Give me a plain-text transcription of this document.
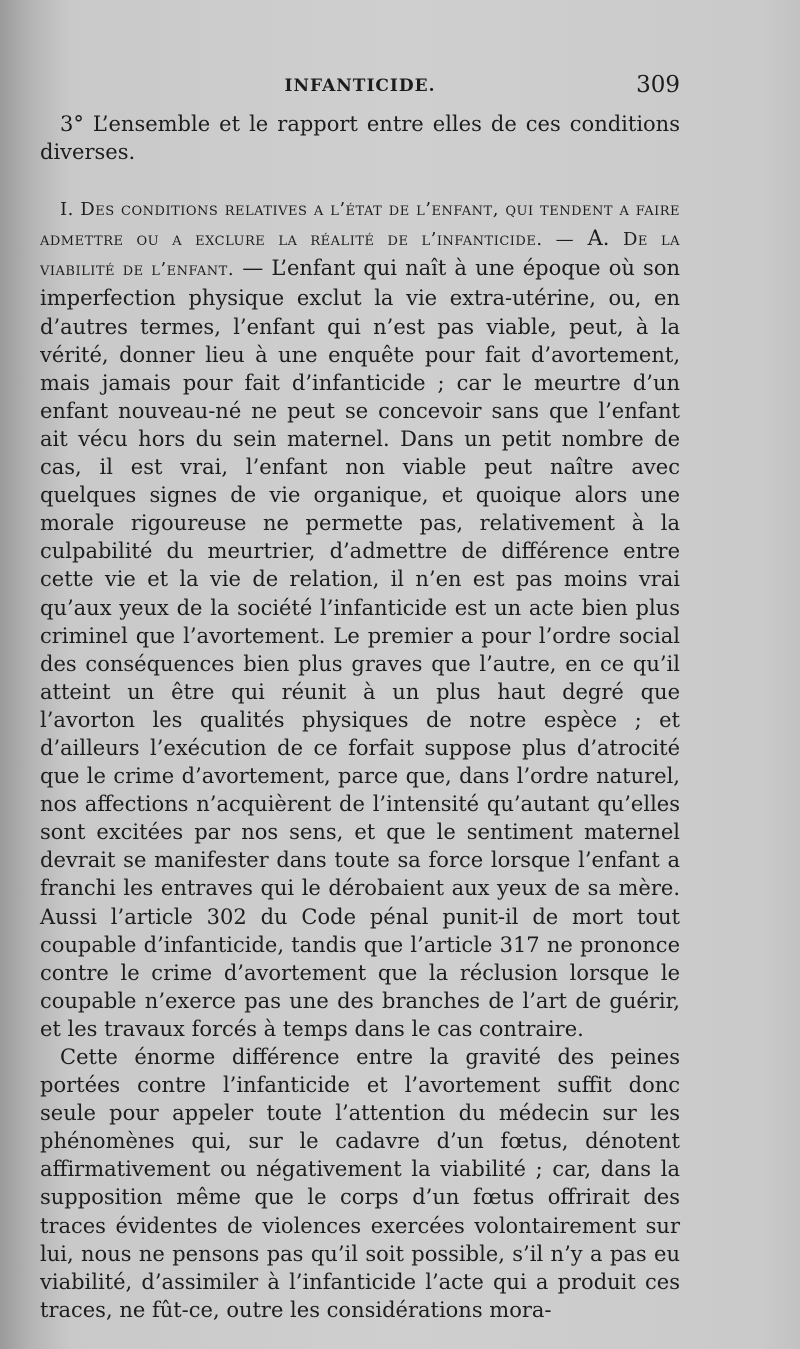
INFANTICIDE.	309

3° L’ensemble et le rapport entre elles de ces conditions diverses.

I. Des conditions relatives a l’état de l’enfant, qui tendent a faire admettre ou a exclure la réalité de l’infanticide. — A. De la viabilité de l’enfant. — L’enfant qui naît à une époque où son imperfection physique exclut la vie extra-utérine, ou, en d’autres termes, l’enfant qui n’est pas viable, peut, à la vérité, donner lieu à une enquête pour fait d’avortement, mais jamais pour fait d’infanticide ; car le meurtre d’un enfant nouveau-né ne peut se concevoir sans que l’enfant ait vécu hors du sein maternel. Dans un petit nombre de cas, il est vrai, l’enfant non viable peut naître avec quelques signes de vie organique, et quoique alors une morale rigoureuse ne permette pas, relativement à la culpabilité du meurtrier, d’admettre de différence entre cette vie et la vie de relation, il n’en est pas moins vrai qu’aux yeux de la société l’infanticide est un acte bien plus criminel que l’avortement. Le premier a pour l’ordre social des conséquences bien plus graves que l’autre, en ce qu’il atteint un être qui réunit à un plus haut degré que l’avorton les qualités physiques de notre espèce ; et d’ailleurs l’exécution de ce forfait suppose plus d’atrocité que le crime d’avortement, parce que, dans l’ordre naturel, nos affections n’acquièrent de l’intensité qu’autant qu’elles sont excitées par nos sens, et que le sentiment maternel devrait se manifester dans toute sa force lorsque l’enfant a franchi les entraves qui le dérobaient aux yeux de sa mère. Aussi l’article 302 du Code pénal punit-il de mort tout coupable d’infanticide, tandis que l’article 317 ne prononce contre le crime d’avortement que la réclusion lorsque le coupable n’exerce pas une des branches de l’art de guérir, et les travaux forcés à temps dans le cas contraire.

Cette énorme différence entre la gravité des peines portées contre l’infanticide et l’avortement suffit donc seule pour appeler toute l’attention du médecin sur les phénomènes qui, sur le cadavre d’un fœtus, dénotent affirmativement ou négativement la viabilité ; car, dans la supposition même que le corps d’un fœtus offrirait des traces évidentes de violences exercées volontairement sur lui, nous ne pensons pas qu’il soit possible, s’il n’y a pas eu viabilité, d’assimiler à l’infanticide l’acte qui a produit ces traces, ne fût-ce, outre les considérations mora-
